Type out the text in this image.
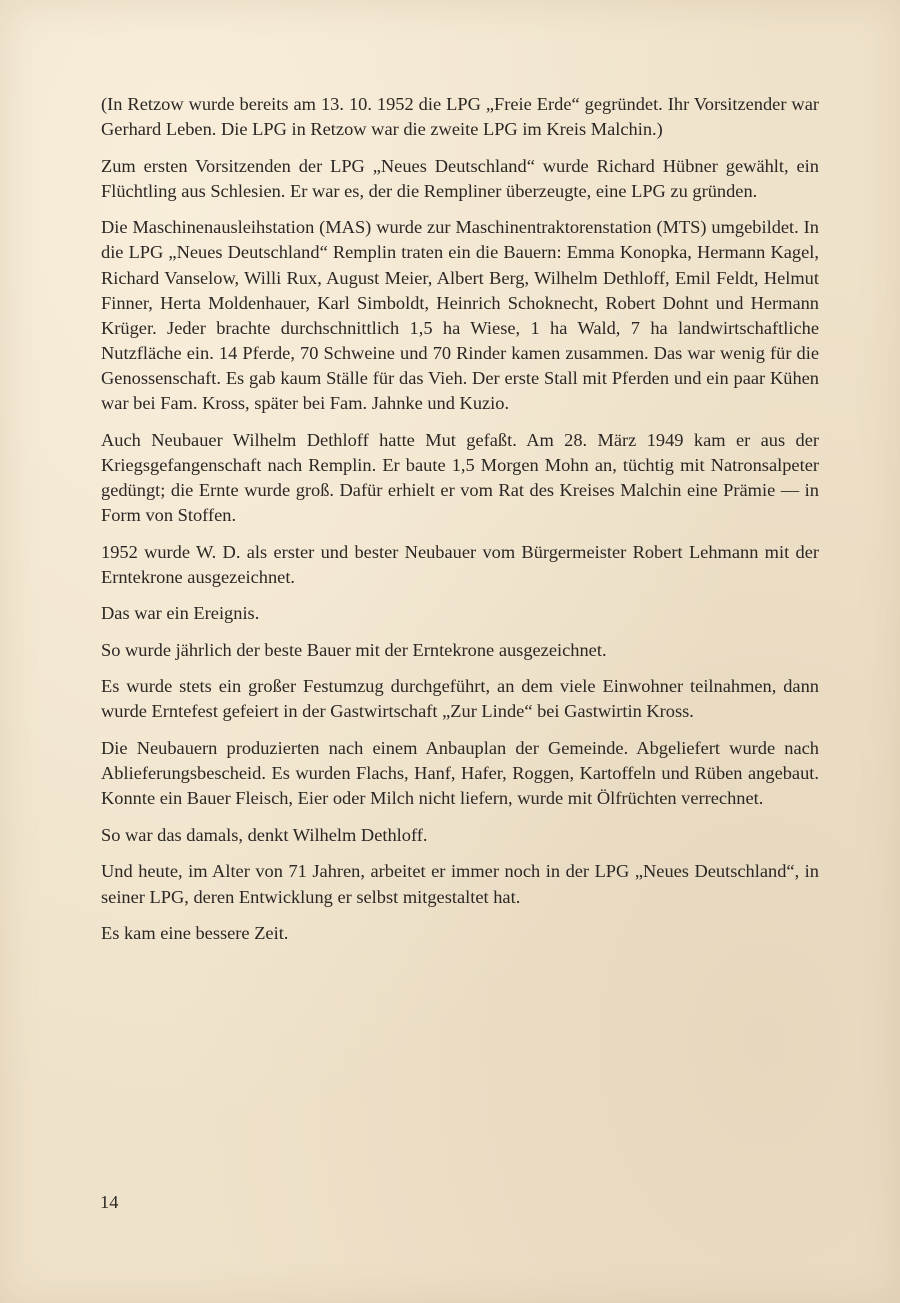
(In Retzow wurde bereits am 13. 10. 1952 die LPG „Freie Erde“ gegründet. Ihr Vorsitzender war Gerhard Leben. Die LPG in Retzow war die zweite LPG im Kreis Malchin.)

Zum ersten Vorsitzenden der LPG „Neues Deutschland“ wurde Richard Hübner gewählt, ein Flüchtling aus Schlesien. Er war es, der die Rempliner überzeugte, eine LPG zu gründen.

Die Maschinenausleihstation (MAS) wurde zur Maschinentraktorenstation (MTS) umgebildet. In die LPG „Neues Deutschland“ Remplin traten ein die Bauern: Emma Konopka, Hermann Kagel, Richard Vanselow, Willi Rux, August Meier, Albert Berg, Wilhelm Dethloff, Emil Feldt, Helmut Finner, Herta Moldenhauer, Karl Simboldt, Heinrich Schoknecht, Robert Dohnt und Hermann Krüger. Jeder brachte durchschnittlich 1,5 ha Wiese, 1 ha Wald, 7 ha landwirtschaftliche Nutzfläche ein. 14 Pferde, 70 Schweine und 70 Rinder kamen zusammen. Das war wenig für die Genossenschaft. Es gab kaum Ställe für das Vieh. Der erste Stall mit Pferden und ein paar Kühen war bei Fam. Kross, später bei Fam. Jahnke und Kuzio.

Auch Neubauer Wilhelm Dethloff hatte Mut gefaßt. Am 28. März 1949 kam er aus der Kriegsgefangenschaft nach Remplin. Er baute 1,5 Morgen Mohn an, tüchtig mit Natronsalpeter gedüngt; die Ernte wurde groß. Dafür erhielt er vom Rat des Kreises Malchin eine Prämie — in Form von Stoffen.

1952 wurde W. D. als erster und bester Neubauer vom Bürgermeister Robert Lehmann mit der Erntekrone ausgezeichnet.

Das war ein Ereignis.

So wurde jährlich der beste Bauer mit der Erntekrone ausgezeichnet.

Es wurde stets ein großer Festumzug durchgeführt, an dem viele Einwohner teilnahmen, dann wurde Erntefest gefeiert in der Gastwirtschaft „Zur Linde“ bei Gastwirtin Kross.

Die Neubauern produzierten nach einem Anbauplan der Gemeinde. Abgeliefert wurde nach Ablieferungsbescheid. Es wurden Flachs, Hanf, Hafer, Roggen, Kartoffeln und Rüben angebaut. Konnte ein Bauer Fleisch, Eier oder Milch nicht liefern, wurde mit Ölfrüchten verrechnet.

So war das damals, denkt Wilhelm Dethloff.

Und heute, im Alter von 71 Jahren, arbeitet er immer noch in der LPG „Neues Deutschland“, in seiner LPG, deren Entwicklung er selbst mitgestaltet hat.

Es kam eine bessere Zeit.

14
